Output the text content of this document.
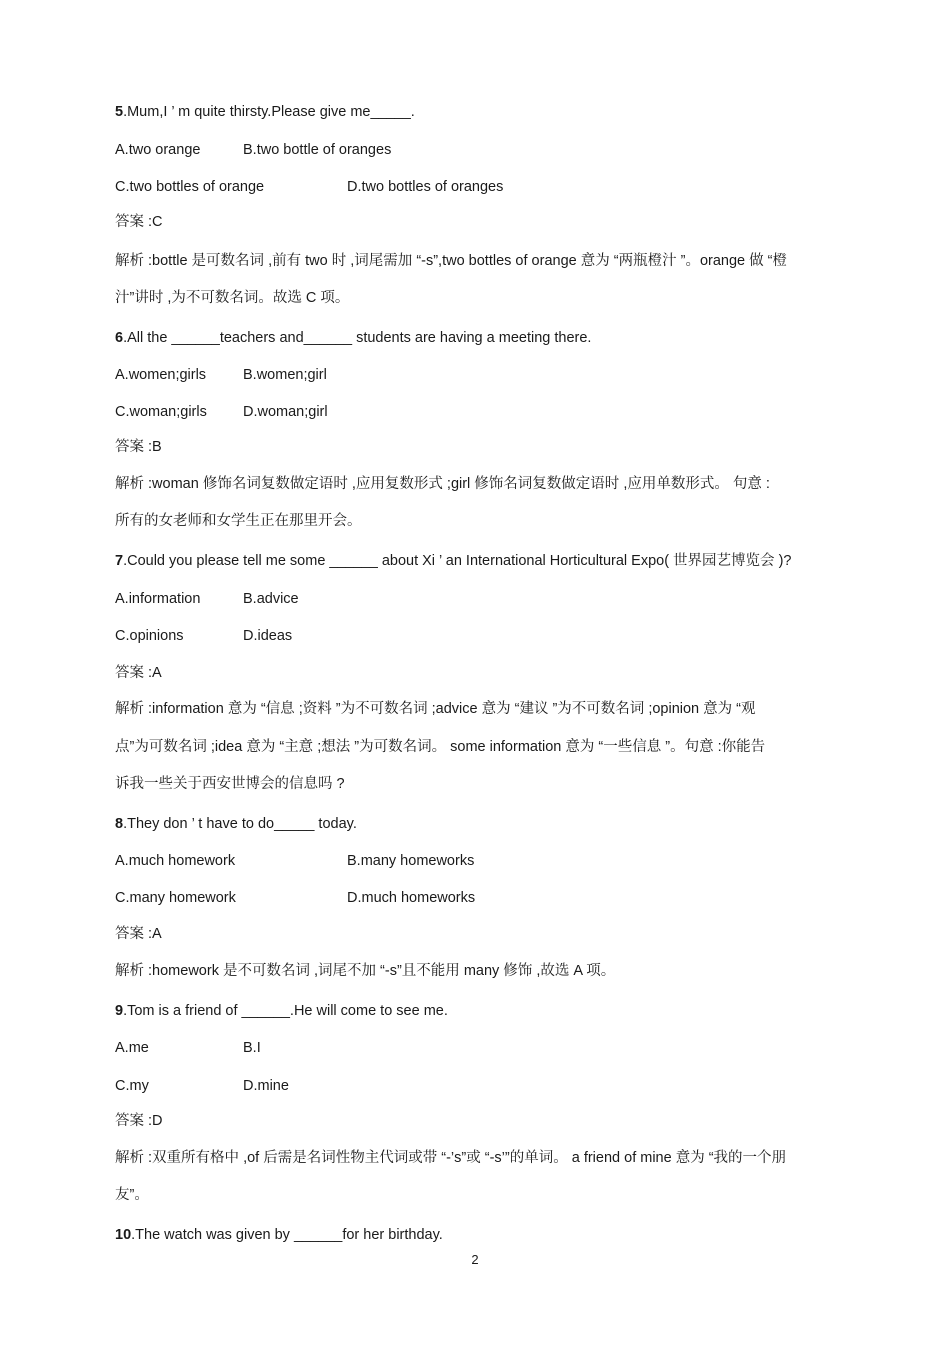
5.Mum,I ’ m quite thirsty.Please give me_____.
A.two orange	B.two bottle of oranges
C.two bottles of orange	D.two bottles of oranges
答案 :C
解析 :bottle 是可数名词 ,前有 two 时 ,词尾需加 “-s”,two bottles of orange 意为 “两瓶橙汁 ”。orange 做 “橙
汁”讲时 ,为不可数名词。故选 C 项。
6.All the ______teachers and______ students are having a meeting there.
A.women;girls	B.women;girl
C.woman;girls D.woman;girl
答案 :B
解析 :woman 修饰名词复数做定语时 ,应用复数形式 ;girl 修饰名词复数做定语时 ,应用单数形式。 句意 :
所有的女老师和女学生正在那里开会。
7.Could you please tell me some ______ about Xi ’ an International Horticultural Expo( 世界园艺博览会 )?
A.information	B.advice
C.opinions	D.ideas
答案 :A
解析 :information 意为 “信息 ;资料 ”为不可数名词 ;advice 意为 “建议 ”为不可数名词 ;opinion 意为 “观
点”为可数名词 ;idea 意为 “主意 ;想法 ”为可数名词。 some information 意为 “一些信息 ”。句意 :你能告
诉我一些关于西安世博会的信息吗 ?
8.They don ’ t have to do_____ today.
A.much homework	B.many homeworks
C.many homework	D.much homeworks
答案 :A
解析 :homework 是不可数名词 ,词尾不加 “-s”且不能用 many 修饰 ,故选 A 项。
9.Tom is a friend of ______.He will come to see me.
A.me	B.I
C.my	D.mine
答案 :D
解析 :双重所有格中 ,of 后需是名词性物主代词或带 “-’s”或 “-s’”的单词。 a friend of mine 意为 “我的一个朋
友”。
10.The watch was given by ______for her birthday.
2
